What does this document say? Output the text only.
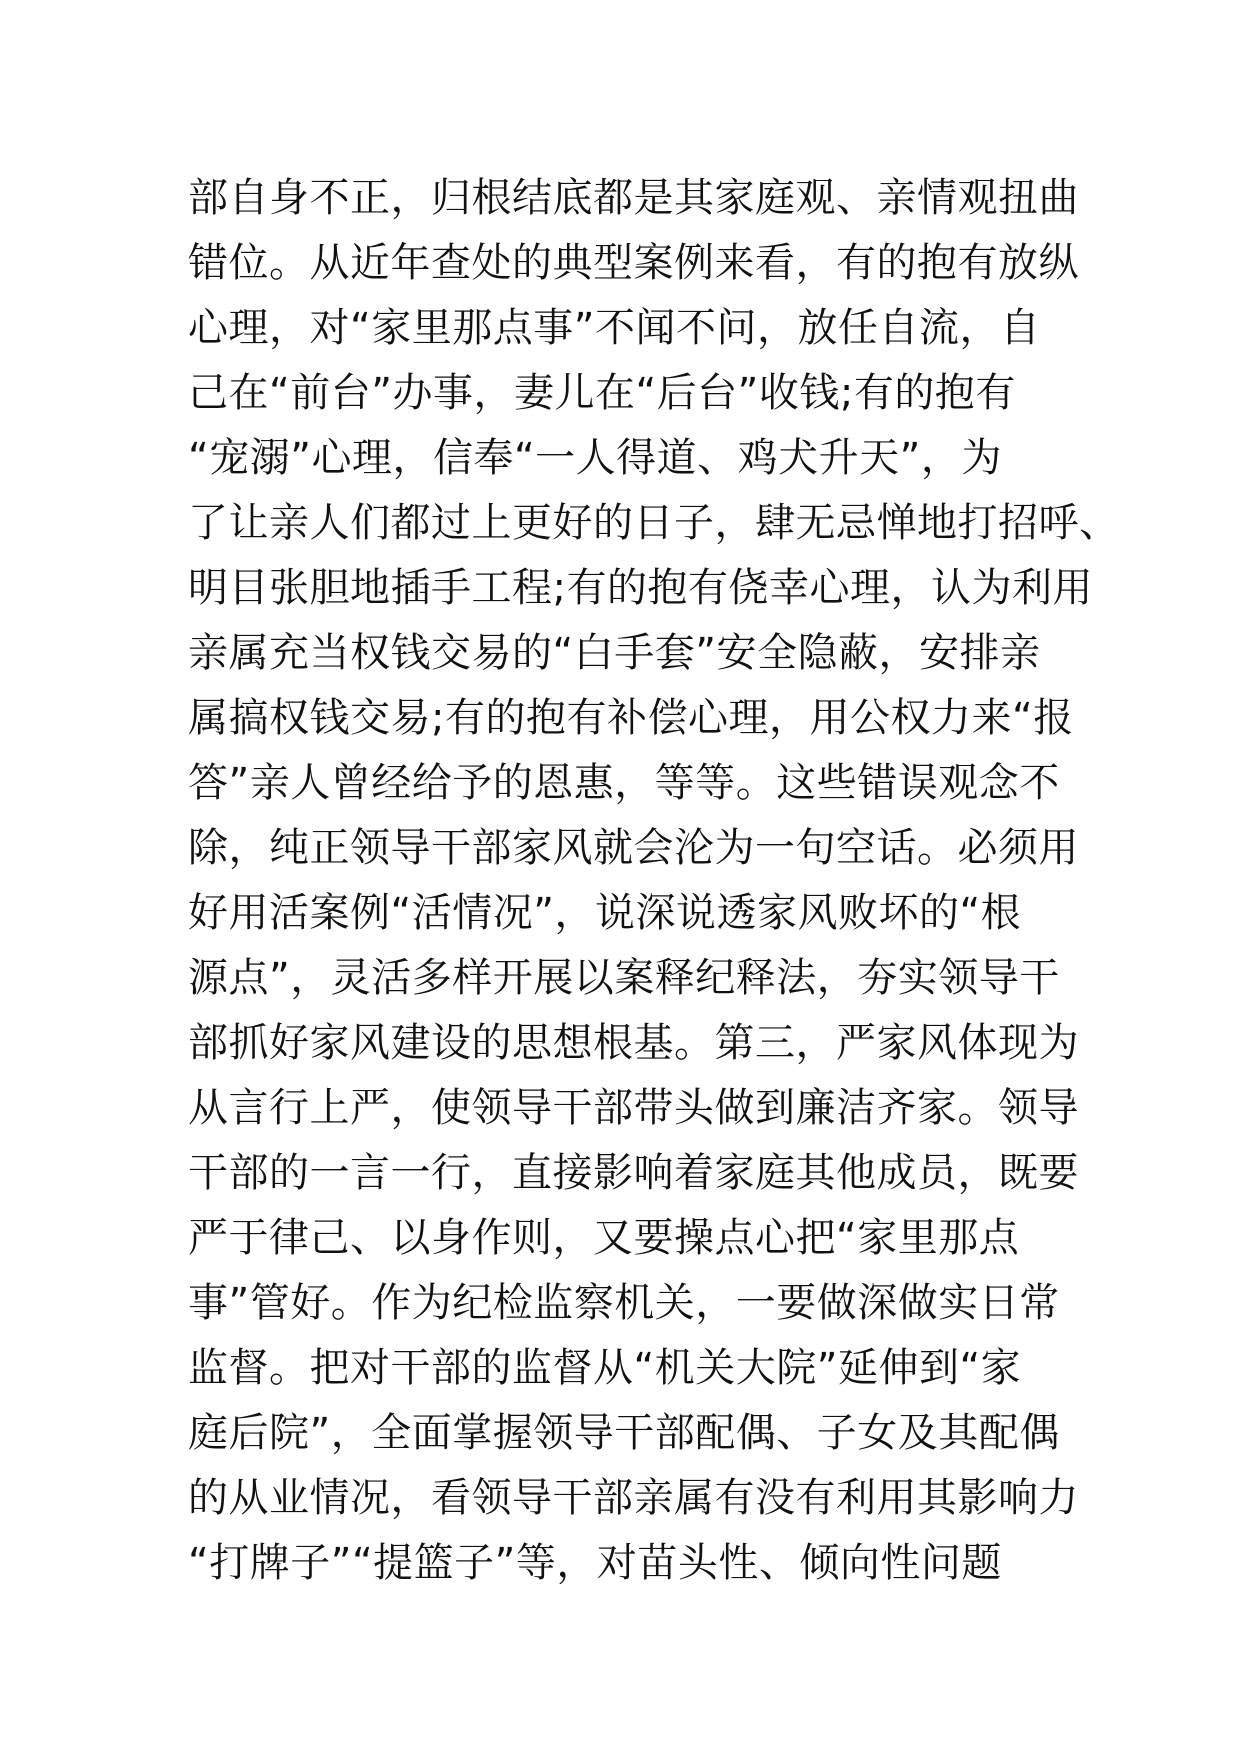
部自身不正，归根结底都是其家庭观、亲情观扭曲
错位。从近年查处的典型案例来看，有的抱有放纵
心理，对“家里那点事”不闻不问，放任自流，自
己在“前台”办事，妻儿在“后台”收钱;有的抱有
“宠溺”心理，信奉“一人得道、鸡犬升天”，为
了让亲人们都过上更好的日子，肆无忌惮地打招呼、
明目张胆地插手工程;有的抱有侥幸心理，认为利用
亲属充当权钱交易的“白手套”安全隐蔽，安排亲
属搞权钱交易;有的抱有补偿心理，用公权力来“报
答”亲人曾经给予的恩惠，等等。这些错误观念不
除，纯正领导干部家风就会沦为一句空话。必须用
好用活案例“活情况”，说深说透家风败坏的“根
源点”，灵活多样开展以案释纪释法，夯实领导干
部抓好家风建设的思想根基。第三，严家风体现为
从言行上严，使领导干部带头做到廉洁齐家。领导
干部的一言一行，直接影响着家庭其他成员，既要
严于律己、以身作则，又要操点心把“家里那点
事”管好。作为纪检监察机关，一要做深做实日常
监督。把对干部的监督从“机关大院”延伸到“家
庭后院”，全面掌握领导干部配偶、子女及其配偶
的从业情况，看领导干部亲属有没有利用其影响力
“打牌子”“提篮子”等，对苗头性、倾向性问题
